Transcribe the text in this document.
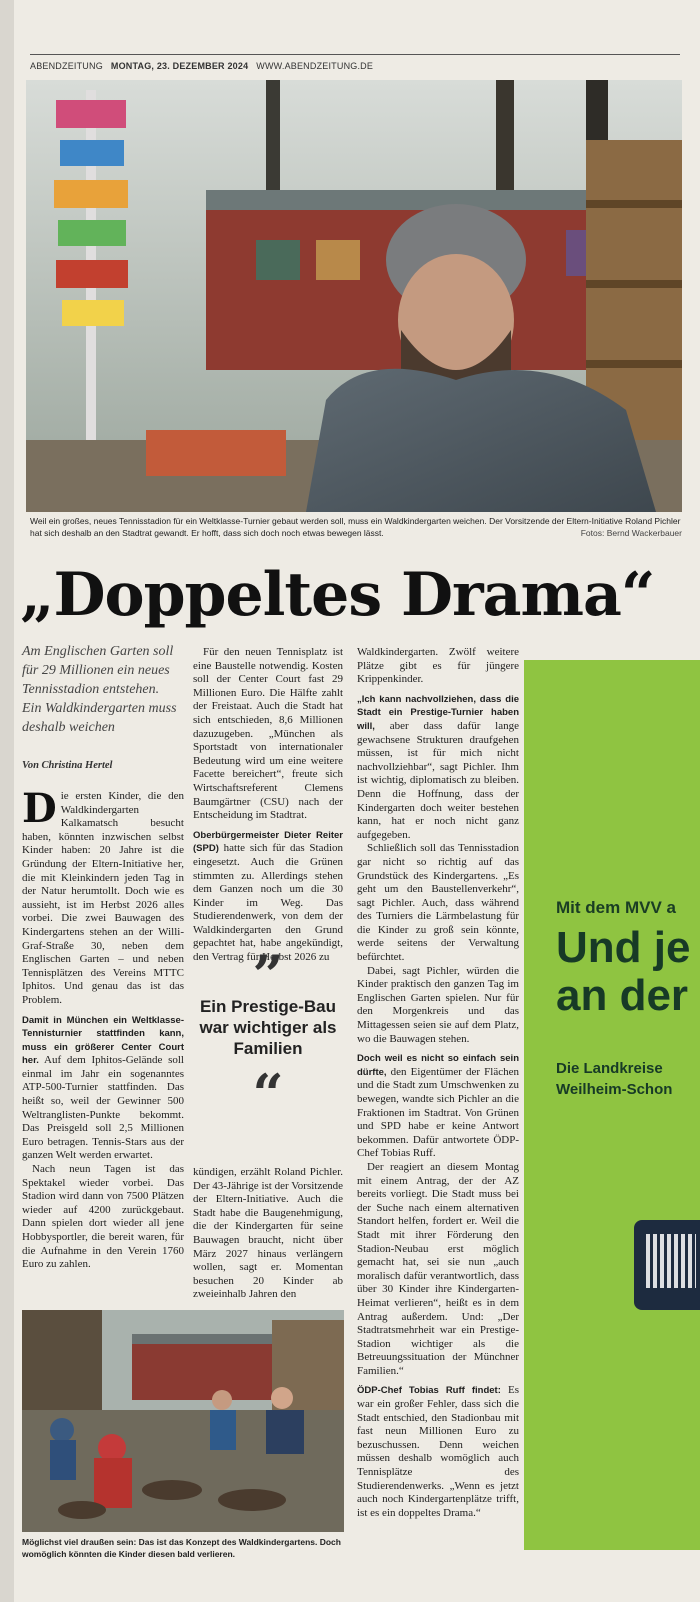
ABENDZEITUNG MONTAG, 23. DEZEMBER 2024 WWW.ABENDZEITUNG.DE
Weil ein großes, neues Tennisstadion für ein Weltklasse-Turnier gebaut werden soll, muss ein Waldkindergarten weichen. Der Vorsitzende der Eltern-Initiative Roland Pichler hat sich deshalb an den Stadtrat gewandt. Er hofft, dass sich doch noch etwas bewegen lässt.	Fotos: Bernd Wackerbauer
„Doppeltes Drama“
Am Englischen Garten soll für 29 Millionen ein neues Tennisstadion entstehen. Ein Waldkindergarten muss deshalb weichen
Von Christina Hertel

Die ersten Kinder, die den Waldkindergarten Kalkamatsch besucht haben, könnten inzwischen selbst Kinder haben: 20 Jahre ist die Gründung der Eltern-Initiative her, die mit Kleinkindern jeden Tag in der Natur herumtollt. Doch wie es aussieht, ist im Herbst 2026 alles vorbei. Die zwei Bauwagen des Kindergartens stehen an der Willi-Graf-Straße 30, neben dem Englischen Garten – und neben Tennisplätzen des Vereins MTTC Iphitos. Und genau das ist das Problem.

Damit in München ein Weltklasse-Tennisturnier stattfinden kann, muss ein größerer Center Court her. Auf dem Iphitos-Gelände soll einmal im Jahr ein sogenanntes ATP-500-Turnier stattfinden. Das heißt so, weil der Gewinner 500 Weltranglisten-Punkte bekommt. Das Preisgeld soll 2,5 Millionen Euro betragen. Tennis-Stars aus der ganzen Welt werden erwartet.

Nach neun Tagen ist das Spektakel wieder vorbei. Das Stadion wird dann von 7500 Plätzen wieder auf 4200 zurückgebaut. Dann spielen dort wieder all jene Hobbysportler, die bereit waren, für die Aufnahme in den Verein 1760 Euro zu zahlen.

Für den neuen Tennisplatz ist eine Baustelle notwendig. Kosten soll der Center Court fast 29 Millionen Euro. Die Hälfte zahlt der Freistaat. Auch die Stadt hat sich entschieden, 8,6 Millionen dazuzugeben. „München als Sportstadt von internationaler Bedeutung wird um eine weitere Facette bereichert“, freute sich Wirtschaftsreferent Clemens Baumgärtner (CSU) nach der Entscheidung im Stadtrat.

Oberbürgermeister Dieter Reiter (SPD) hatte sich für das Stadion eingesetzt. Auch die Grünen stimmten zu. Allerdings stehen dem Ganzen noch um die 30 Kinder im Weg. Das Studierendenwerk, von dem der Waldkindergarten den Grund gepachtet hat, habe angekündigt, den Vertrag für Herbst 2026 zu

”
Ein Prestige-Bau war wichtiger als Familien
“

kündigen, erzählt Roland Pichler. Der 43-Jährige ist der Vorsitzende der Eltern-Initiative. Auch die Stadt habe die Baugenehmigung, die der Kindergarten für seine Bauwagen braucht, nicht über März 2027 hinaus verlängern wollen, sagt er. Momentan besuchen 20 Kinder ab zweieinhalb Jahren den

Waldkindergarten. Zwölf weitere Plätze gibt es für jüngere Krippenkinder.

„Ich kann nachvollziehen, dass die Stadt ein Prestige-Turnier haben will, aber dass dafür lange gewachsene Strukturen draufgehen müssen, ist für mich nicht nachvollziehbar“, sagt Pichler. Ihm ist wichtig, diplomatisch zu bleiben. Denn die Hoffnung, dass der Kindergarten doch weiter bestehen kann, hat er noch nicht ganz aufgegeben.

Schließlich soll das Tennisstadion gar nicht so richtig auf das Grundstück des Kindergartens. „Es geht um den Baustellenverkehr“, sagt Pichler. Auch, dass während des Turniers die Lärmbelastung für die Kinder zu groß sein könnte, werde seitens der Verwaltung befürchtet.

Dabei, sagt Pichler, würden die Kinder praktisch den ganzen Tag im Englischen Garten spielen. Nur für den Morgenkreis und das Mittagessen seien sie auf dem Platz, wo die Bauwagen stehen.

Doch weil es nicht so einfach sein dürfte, den Eigentümer der Flächen und die Stadt zum Umschwenken zu bewegen, wandte sich Pichler an die Fraktionen im Stadtrat. Von Grünen und SPD habe er keine Antwort bekommen. Dafür antwortete ÖDP-Chef Tobias Ruff.

Der reagiert an diesem Montag mit einem Antrag, der der AZ bereits vorliegt. Die Stadt muss bei der Suche nach einem alternativen Standort helfen, fordert er. Weil die Stadt mit ihrer Förderung den Stadion-Neubau erst möglich gemacht hat, sei sie nun „auch moralisch dafür verantwortlich, dass über 30 Kinder ihre Kindergarten-Heimat verlieren“, heißt es in dem Antrag außerdem. Und: „Der Stadtratsmehrheit war ein Prestige-Stadion wichtiger als die Betreuungssituation der Münchner Familien.“

ÖDP-Chef Tobias Ruff findet: Es war ein großer Fehler, dass sich die Stadt entschied, den Stadionbau mit fast neun Millionen Euro zu bezuschussen. Denn weichen müssen deshalb womöglich auch Tennisplätze des Studierendenwerks. „Wenn es jetzt auch noch Kindergartenplätze trifft, ist es ein doppeltes Drama.“

Möglichst viel draußen sein: Das ist das Konzept des Waldkindergartens. Doch womöglich könnten die Kinder diesen bald verlieren.
Mit dem MVV a
Und je
an der
Die Landkreise
Weilheim-Schon
